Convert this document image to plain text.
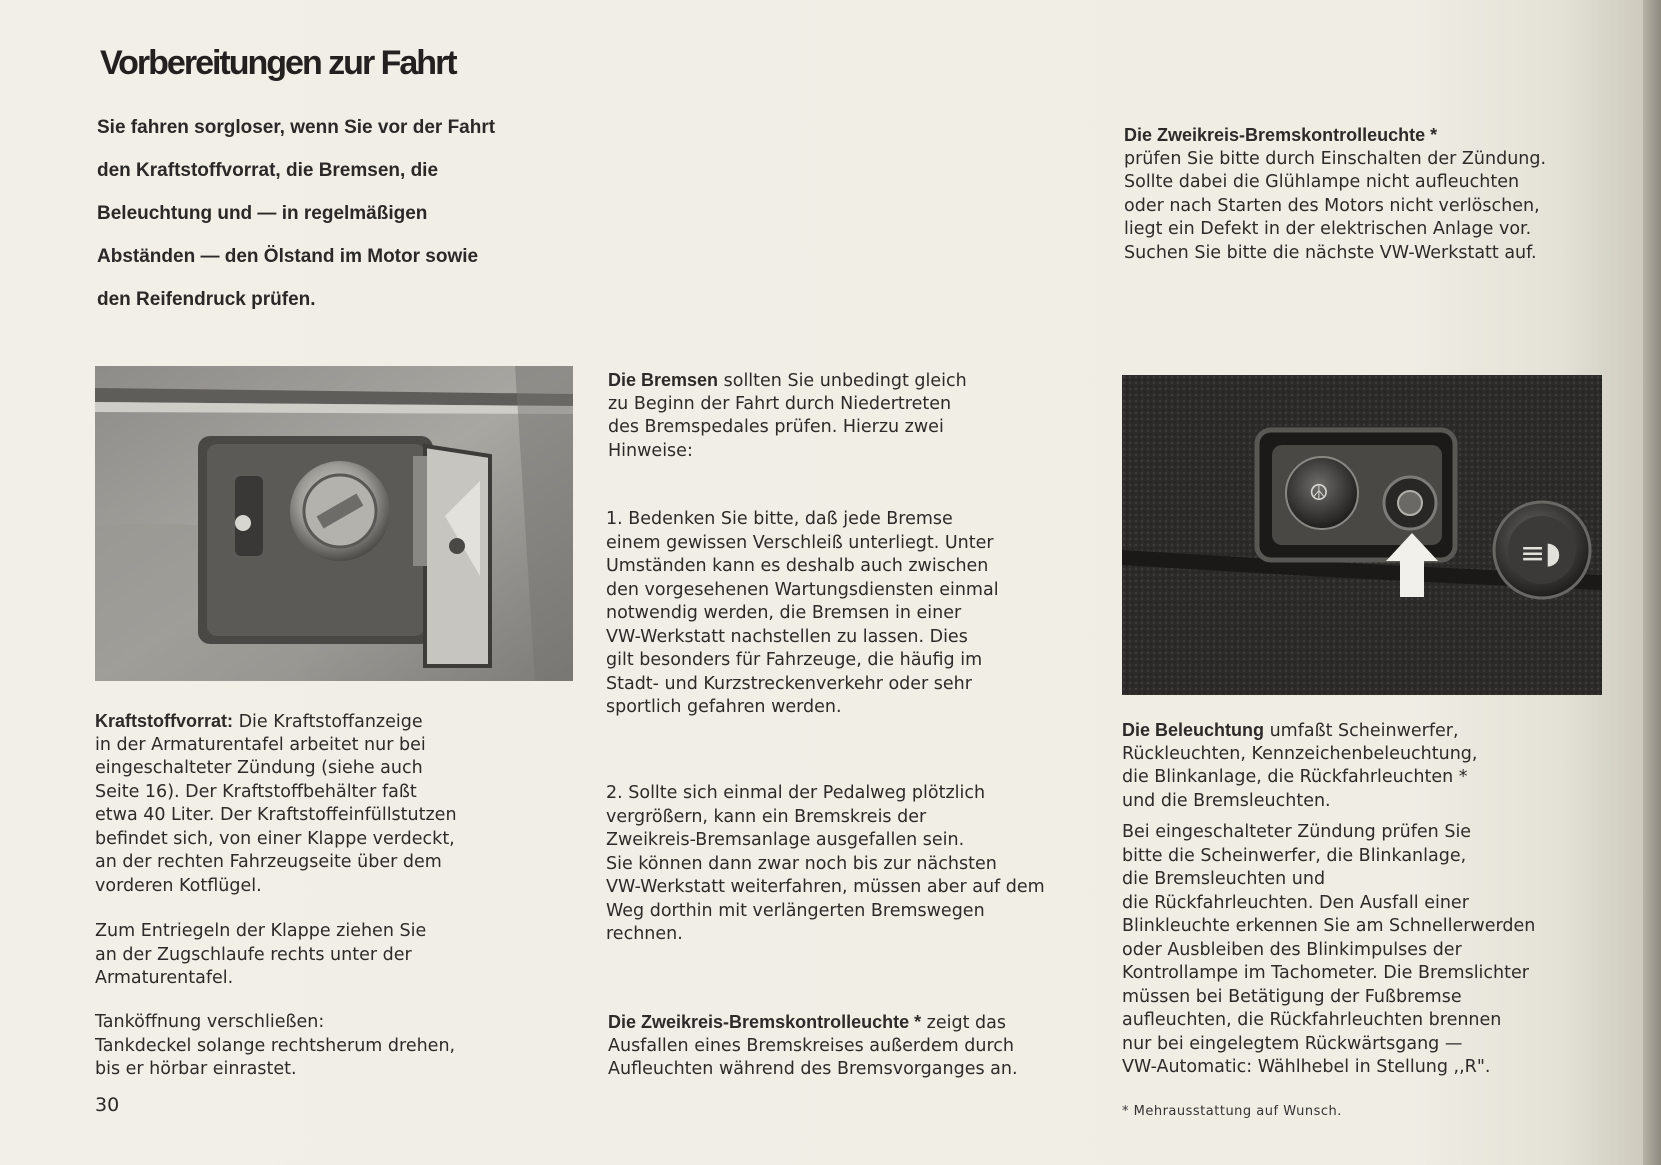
Vorbereitungen zur Fahrt
Sie fahren sorgloser, wenn Sie vor der Fahrt
den Kraftstoffvorrat, die Bremsen, die
Beleuchtung und — in regelmäßigen
Abständen — den Ölstand im Motor sowie
den Reifendruck prüfen.
Kraftstoffvorrat: Die Kraftstoffanzeige
in der Armaturentafel arbeitet nur bei
eingeschalteter Zündung (siehe auch
Seite 16). Der Kraftstoffbehälter faßt
etwa 40 Liter. Der Kraftstoffeinfüllstutzen
befindet sich, von einer Klappe verdeckt,
an der rechten Fahrzeugseite über dem
vorderen Kotflügel.
Zum Entriegeln der Klappe ziehen Sie
an der Zugschlaufe rechts unter der
Armaturentafel.
Tanköffnung verschließen:
Tankdeckel solange rechtsherum drehen,
bis er hörbar einrastet.
30
Die Bremsen sollten Sie unbedingt gleich
zu Beginn der Fahrt durch Niedertreten
des Bremspedales prüfen. Hierzu zwei
Hinweise:
1. Bedenken Sie bitte, daß jede Bremse
einem gewissen Verschleiß unterliegt. Unter
Umständen kann es deshalb auch zwischen
den vorgesehenen Wartungsdiensten einmal
notwendig werden, die Bremsen in einer
VW-Werkstatt nachstellen zu lassen. Dies
gilt besonders für Fahrzeuge, die häufig im
Stadt- und Kurzstreckenverkehr oder sehr
sportlich gefahren werden.
2. Sollte sich einmal der Pedalweg plötzlich
vergrößern, kann ein Bremskreis der
Zweikreis-Bremsanlage ausgefallen sein.
Sie können dann zwar noch bis zur nächsten
VW-Werkstatt weiterfahren, müssen aber auf dem
Weg dorthin mit verlängerten Bremswegen
rechnen.
Die Zweikreis-Bremskontrolleuchte * zeigt das
Ausfallen eines Bremskreises außerdem durch
Aufleuchten während des Bremsvorganges an.
Die Zweikreis-Bremskontrolleuchte *
prüfen Sie bitte durch Einschalten der Zündung.
Sollte dabei die Glühlampe nicht aufleuchten
oder nach Starten des Motors nicht verlöschen,
liegt ein Defekt in der elektrischen Anlage vor.
Suchen Sie bitte die nächste VW-Werkstatt auf.
☮
≡◗
Die Beleuchtung umfaßt Scheinwerfer,
Rückleuchten, Kennzeichenbeleuchtung,
die Blinkanlage, die Rückfahrleuchten *
und die Bremsleuchten.
Bei eingeschalteter Zündung prüfen Sie
bitte die Scheinwerfer, die Blinkanlage,
die Bremsleuchten und
die Rückfahrleuchten. Den Ausfall einer
Blinkleuchte erkennen Sie am Schnellerwerden
oder Ausbleiben des Blinkimpulses der
Kontrollampe im Tachometer. Die Bremslichter
müssen bei Betätigung der Fußbremse
aufleuchten, die Rückfahrleuchten brennen
nur bei eingelegtem Rückwärtsgang —
VW-Automatic: Wählhebel in Stellung ,,R".
* Mehrausstattung auf Wunsch.
